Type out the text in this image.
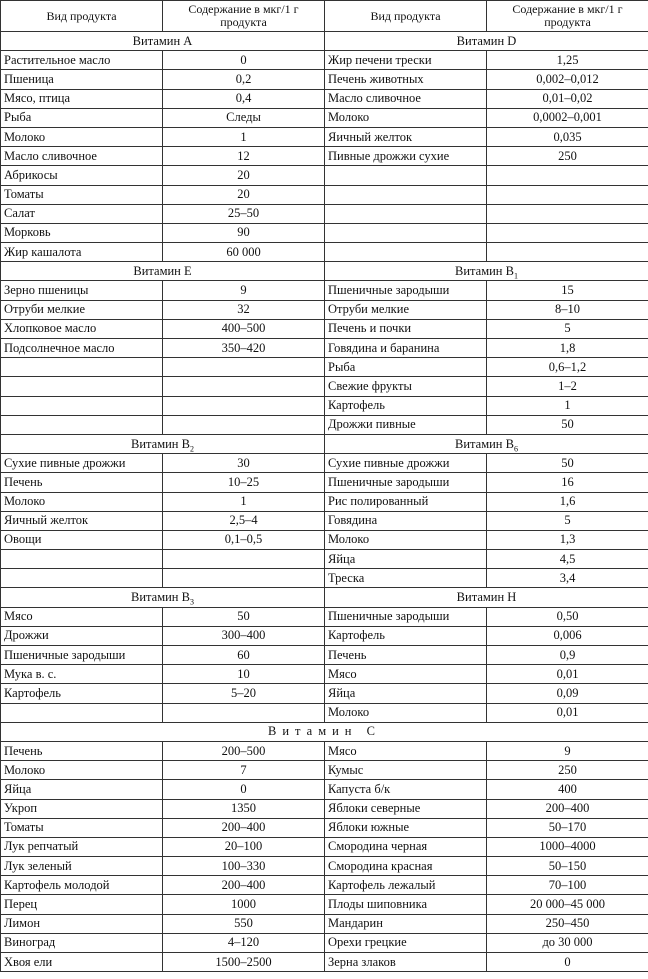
Вид продукта	Содержание в мкг/1 г продукта	Вид продукта	Содержание в мкг/1 г продукта
Витамин A		Витамин D	
Растительное масло	0	Жир печени трески	1,25
Пшеница	0,2	Печень животных	0,002–0,012
Мясо, птица	0,4	Масло сливочное	0,01–0,02
Рыба	Следы	Молоко	0,0002–0,001
Молоко	1	Яичный желток	0,035
Масло сливочное	12	Пивные дрожжи сухие	250
Абрикосы	20		
Томаты	20		
Салат	25–50		
Морковь	90		
Жир кашалота	60 000		
Витамин E		Витамин $B_1$
Зерно пшеницы	9	Пшеничные зародыши	15
Отруби мелкие	32	Отруби мелкие	8–10
Хлопковое масло	400–500	Печень и почки	5
Подсолнечное масло	350–420	Говядина и баранина	1,8
		Рыба	0,6–1,2
		Свежие фрукты	1–2
		Картофель	1
		Дрожжи пивные	50
Витамин $B_2$		Витамин $B_6$
Сухие пивные дрожжи	30	Сухие пивные дрожжи	50
Печень	10–25	Пшеничные зародыши	16
Молоко	1	Рис полированный	1,6
Яичный желток	2,5–4	Говядина	5
Овощи	0,1–0,5	Молоко	1,3
		Яйца	4,5
		Треска	3,4
Витамин $B_3$		Витамин H	
Мясо	50	Пшеничные зародыши	0,50
Дрожжи	300–400	Картофель	0,006
Пшеничные зародыши	60	Печень	0,9
Мука в. с.	10	Мясо	0,01
Картофель	5–20	Яйца	0,09
		Молоко	0,01
Витамин C			
Печень	200–500	Мясо	9
Молоко	7	Кумыс	250
Яйца	0	Капуста б/к	400
Укроп	1350	Яблоки северные	200–400
Томаты	200–400	Яблоки южные	50–170
Лук репчатый	20–100	Смородина черная	1000–4000
Лук зеленый	100–330	Смородина красная	50–150
Картофель молодой	200–400	Картофель лежалый	70–100
Перец	1000	Плоды шиповника	20 000–45 000
Лимон	550	Мандарин	250–450
Виноград	4–120	Орехи грецкие	до 30 000
Хвоя ели	1500–2500	Зерна злаков	0
